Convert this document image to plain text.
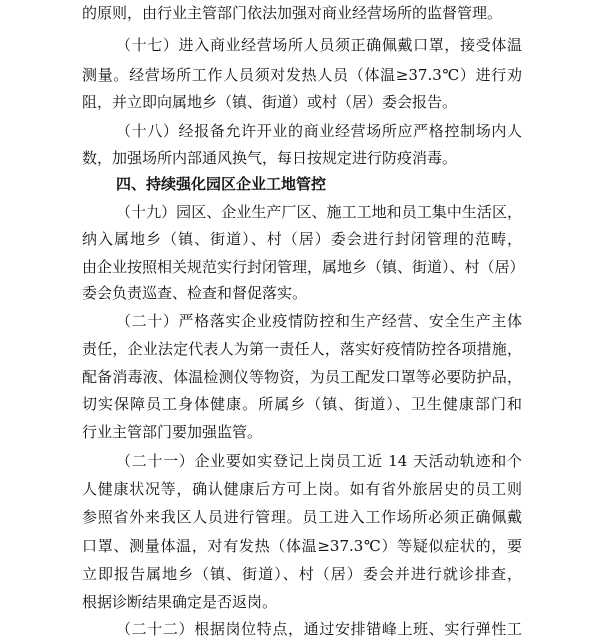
的原则，由行业主管部门依法加强对商业经营场所的监督管理。
（十七）进入商业经营场所人员须正确佩戴口罩，接受体温
测量。经营场所工作人员须对发热人员（体温≥37.3℃）进行劝
阻，并立即向属地乡（镇、街道）或村（居）委会报告。
（十八）经报备允许开业的商业经营场所应严格控制场内人
数，加强场所内部通风换气，每日按规定进行防疫消毒。
四、持续强化园区企业工地管控
（十九）园区、企业生产厂区、施工工地和员工集中生活区，
纳入属地乡（镇、街道）、村（居）委会进行封闭管理的范畴，
由企业按照相关规范实行封闭管理，属地乡（镇、街道）、村（居）
委会负责巡查、检查和督促落实。
（二十）严格落实企业疫情防控和生产经营、安全生产主体
责任，企业法定代表人为第一责任人，落实好疫情防控各项措施，
配备消毒液、体温检测仪等物资，为员工配发口罩等必要防护品，
切实保障员工身体健康。所属乡（镇、街道）、卫生健康部门和
行业主管部门要加强监管。
（二十一）企业要如实登记上岗员工近 14 天活动轨迹和个
人健康状况等，确认健康后方可上岗。如有省外旅居史的员工则
参照省外来我区人员进行管理。员工进入工作场所必须正确佩戴
口罩、测量体温，对有发热（体温≥37.3℃）等疑似症状的，要
立即报告属地乡（镇、街道）、村（居）委会并进行就诊排查，
根据诊断结果确定是否返岗。
（二十二）根据岗位特点，通过安排错峰上班、实行弹性工
